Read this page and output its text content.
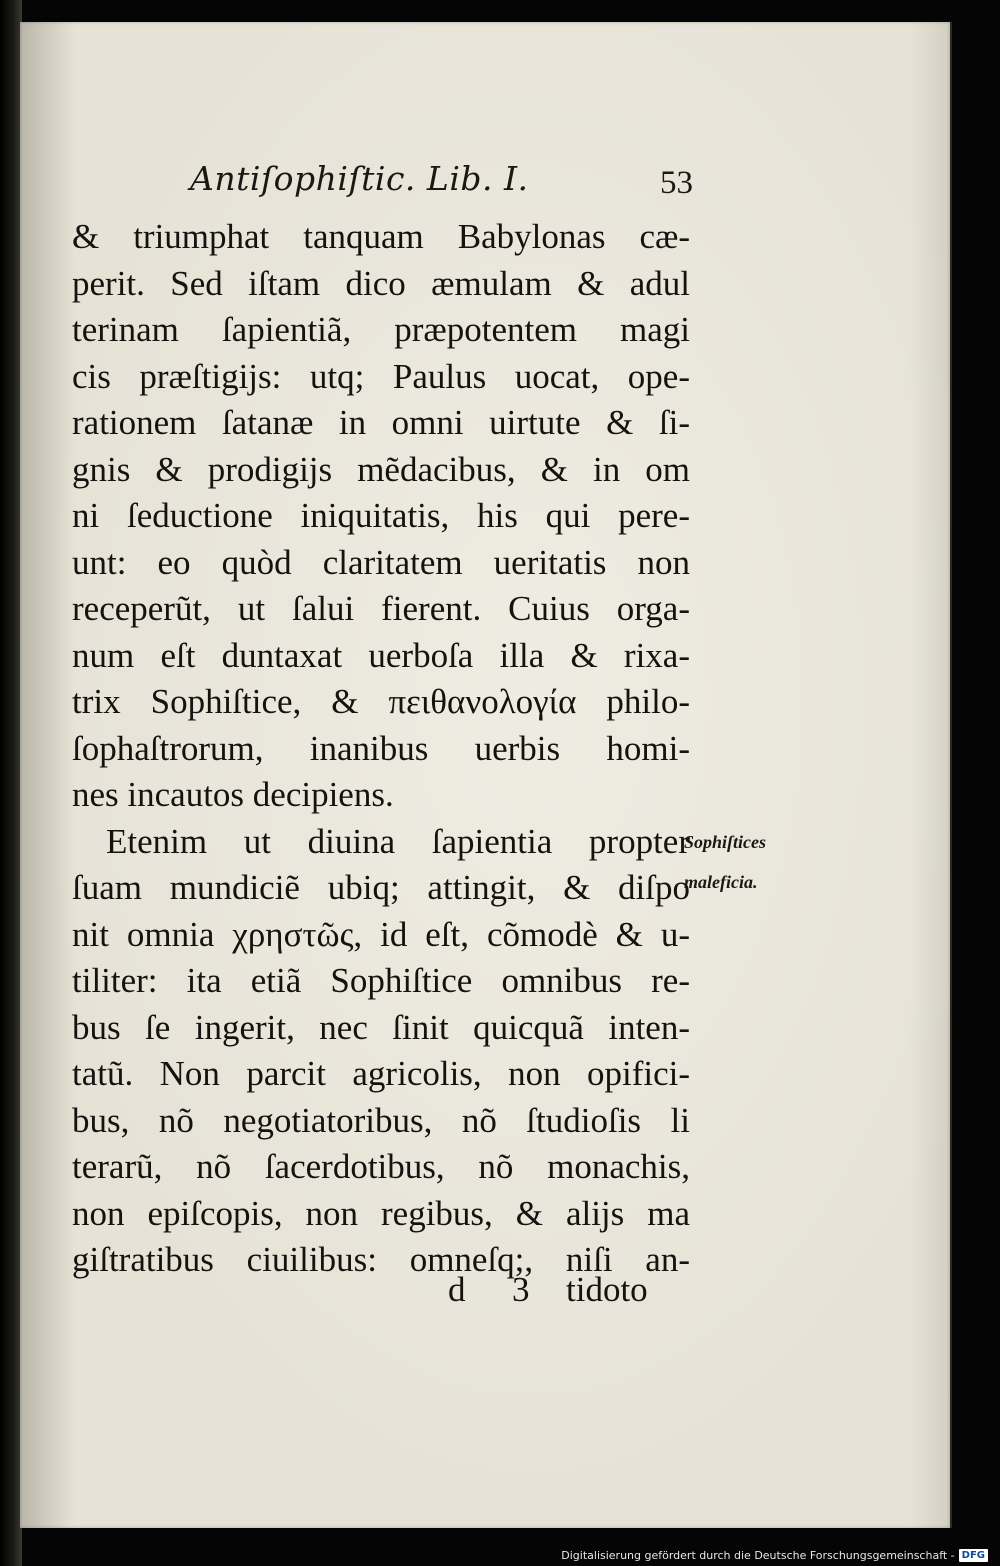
Antiſophiſtic. Lib. I.	53
& triumphat tanquam Babylonas cæ-
perit. Sed iſtam dico æmulam & adul
terinam ſapientiã, præpotentem magi
cis præſtigijs: utq; Paulus uocat, ope-
rationem ſatanæ in omni uirtute & ſi-
gnis & prodigijs mẽdacibus, & in om
ni ſeductione iniquitatis, his qui pere-
unt: eo quòd claritatem ueritatis non
receperũt, ut ſalui fierent. Cuius orga-
num eſt duntaxat uerboſa illa & rixa-
trix Sophiſtice, & πειθανολογία philo-
ſophaſtrorum, inanibus uerbis homi-
nes incautos decipiens.
Etenim ut diuina ſapientia propter
ſuam mundiciẽ ubiq; attingit, & diſpo
nit omnia χρηστῶς, id eſt, cõmodè & u-
tiliter: ita etiã Sophiſtice omnibus re-
bus ſe ingerit, nec ſinit quicquã inten-
tatũ. Non parcit agricolis, non opifici-
bus, nõ negotiatoribus, nõ ſtudioſis li
terarũ, nõ ſacerdotibus, nõ monachis,
non epiſcopis, non regibus, & alijs ma
giſtratibus ciuilibus: omneſq;, niſi an-
d 3 tidoto
Sophiſtices
maleficia.
Digitalisierung gefördert durch die Deutsche Forschungsgemeinschaft - DFG
